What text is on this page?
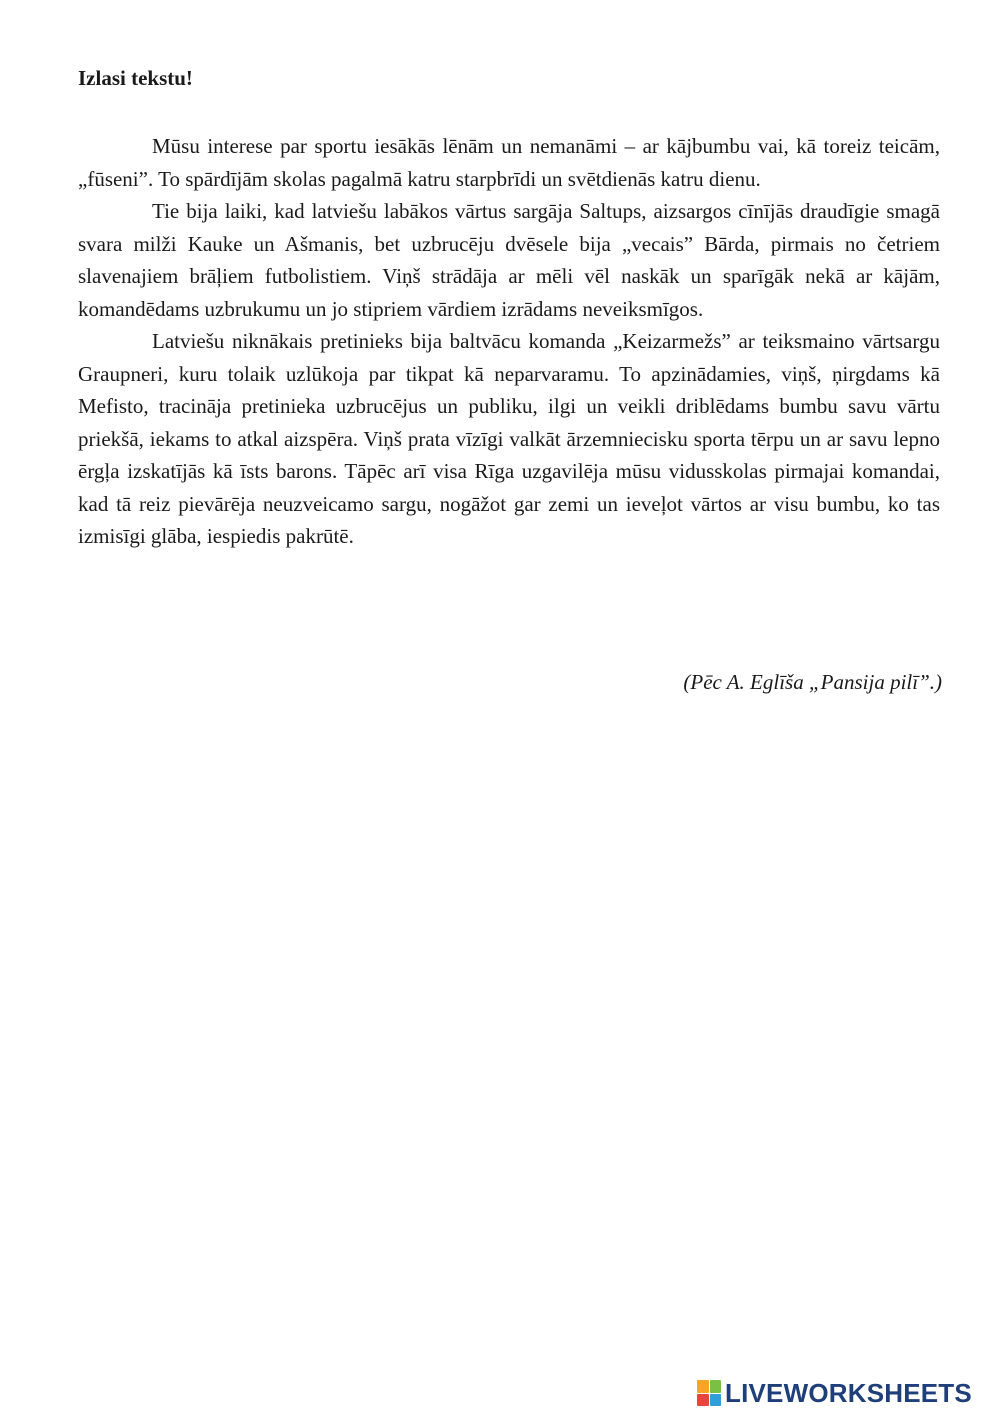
Izlasi tekstu!

Mūsu interese par sportu iesākās lēnām un nemanāmi – ar kājbumbu vai, kā toreiz teicām, „fūseni”. To spārdījām skolas pagalmā katru starpbrīdi un svētdienās katru dienu.

Tie bija laiki, kad latviešu labākos vārtus sargāja Saltups, aizsargos cīnījās draudīgie smagā svara milži Kauke un Ašmanis, bet uzbrucēju dvēsele bija „vecais” Bārda, pirmais no četriem slavenajiem brāļiem futbolistiem. Viņš strādāja ar mēli vēl naskāk un sparīgāk nekā ar kājām, komandēdams uzbrukumu un jo stipriem vārdiem izrādams neveiksmīgos.

Latviešu niknākais pretinieks bija baltvācu komanda „Keizarmežs” ar teiksmaino vārtsargu Graupneri, kuru tolaik uzlūkoja par tikpat kā neparvaramu. To apzinādamies, viņš, ņirgdams kā Mefisto, tracināja pretinieka uzbrucējus un publiku, ilgi un veikli driblēdams bumbu savu vārtu priekšā, iekams to atkal aizspēra. Viņš prata vīzīgi valkāt ārzemniecisku sporta tērpu un ar savu lepno ērgļa izskatījās kā īsts barons. Tāpēc arī visa Rīga uzgavilēja mūsu vidusskolas pirmajai komandai, kad tā reiz pievārēja neuzveicamo sargu, nogāžot gar zemi un ieveļot vārtos ar visu bumbu, ko tas izmisīgi glāba, iespiedis pakrūtē.

(Pēc A. Eglīša „Pansija pilī”.)

LIVEWORKSHEETS
